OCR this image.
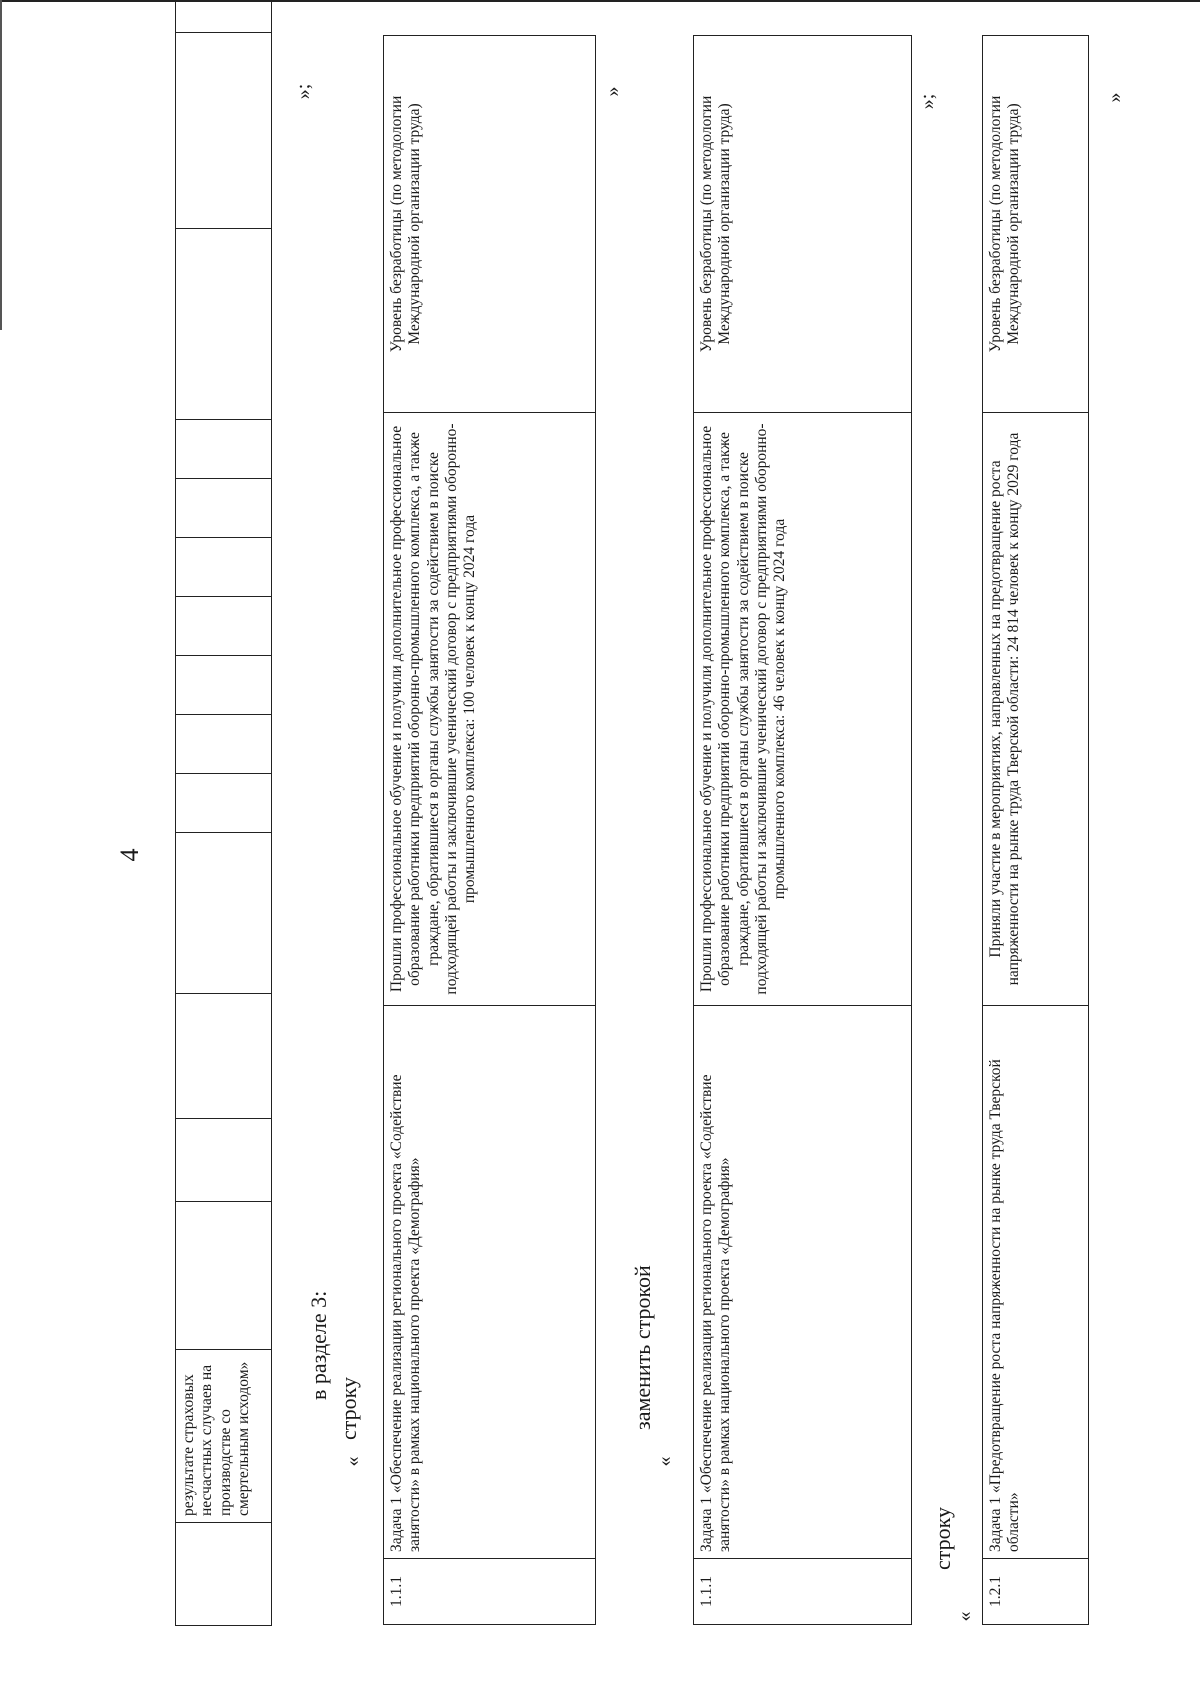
4
	результате страховых несчастных случаев на производстве со смертельным исходом»															
»;
в разделе 3:
строку
«
1.1.1	Задача 1 «Обеспечение реализации регионального проекта «Содействие занятости» в рамках национального проекта «Демография»	Прошли профессиональное обучение и получили дополнительное профессиональное образование работники предприятий оборонно-промышленного комплекса, а также граждане, обратившиеся в органы службы занятости за содействием в поиске подходящей работы и заключившие ученический договор с предприятиями оборонно-промышленного комплекса: 100 человек к концу 2024 года	Уровень безработицы (по методологии Международной организации труда)
»
заменить строкой
«
1.1.1	Задача 1 «Обеспечение реализации регионального проекта «Содействие занятости» в рамках национального проекта «Демография»	Прошли профессиональное обучение и получили дополнительное профессиональное образование работники предприятий оборонно-промышленного комплекса, а также граждане, обратившиеся в органы службы занятости за содействием в поиске подходящей работы и заключившие ученический договор с предприятиями оборонно-промышленного комплекса: 46 человек к концу 2024 года	Уровень безработицы (по методологии Международной организации труда)
»;
строку
«
1.2.1	Задача 1 «Предотвращение роста напряженности на рынке труда Тверской области»	Приняли участие в мероприятиях, направленных на предотвращение роста напряженности на рынке труда Тверской области: 24 814 человек к концу 2029 года	Уровень безработицы (по методологии Международной организации труда)
»
